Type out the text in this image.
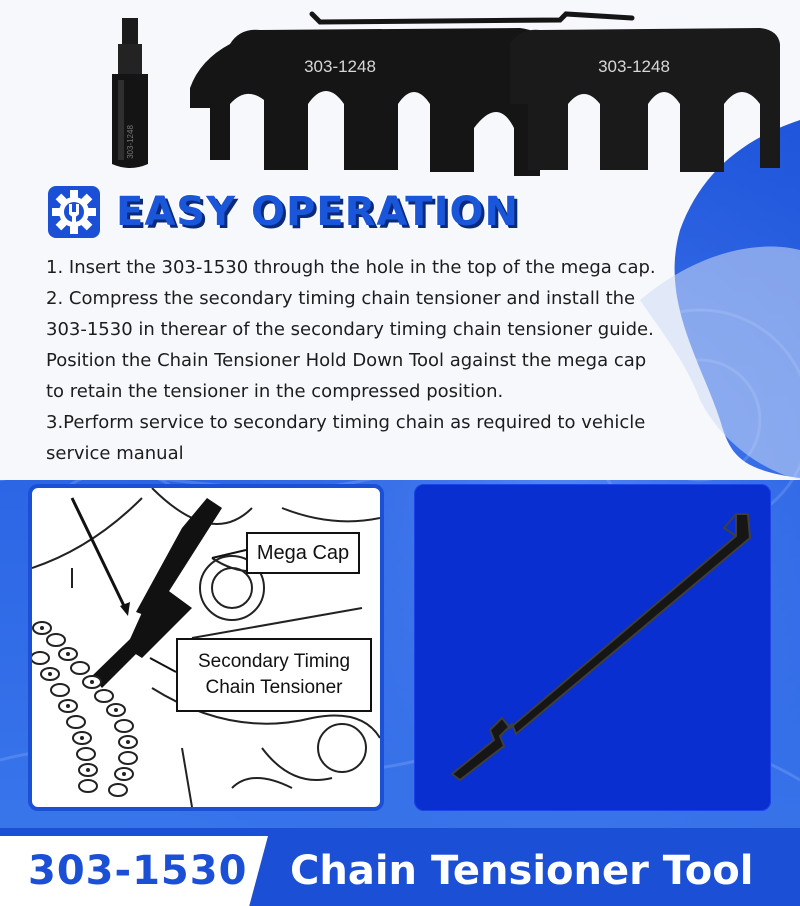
303-1248
303-1248	303-1248
EASY OPERATION

1. Insert the 303-1530 through the hole in the top of the mega cap.

2. Compress the secondary timing chain tensioner and install the

303-1530 in therear of the secondary timing chain tensioner guide.

Position the Chain Tensioner Hold Down Tool against the mega cap

to retain the tensioner in the compressed position.

3.Perform service to secondary timing chain as required to vehicle

service manual

Mega Cap
Secondary Timing
Chain Tensioner
303-1530 Chain Tensioner Tool
